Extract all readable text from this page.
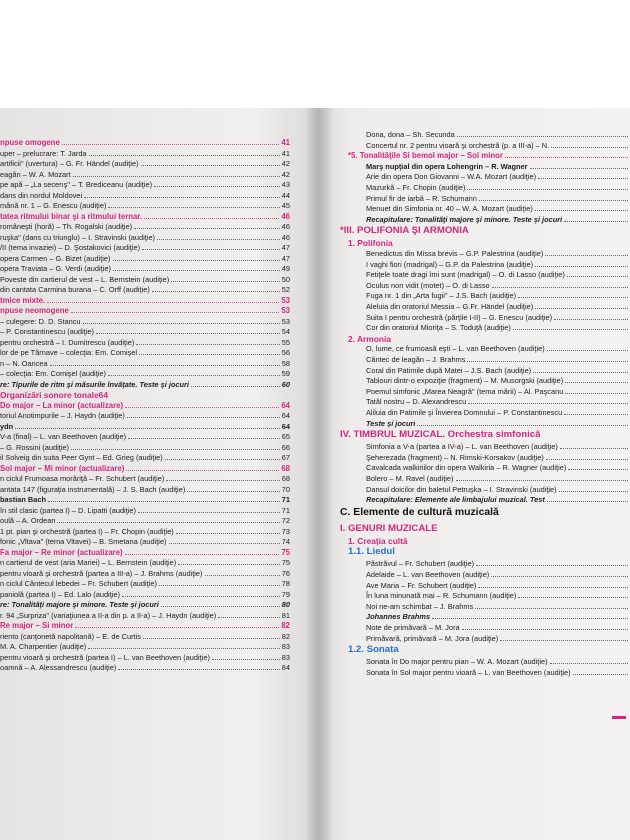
npuse omogene	41
uper – prelucrare: T. Jarda	41
artificii" (uvertura) – G. Fr. Händel (audiţie)	42
eagăn – W. A. Mozart	42
pe apă – „La secerış" – T. Brediceanu (audiţie)	43
dans din nordul Moldovei	44
mână nr. 1 – G. Enescu (audiţie)	45
tatea ritmului binar şi a ritmului ternar.	46
româneşti (horă) – Th. Rogalski (audiţie)	46
ruşka" (dans cu triunglu) – I. Stravinski (audiţie)	46
/II (tema invaziei) – D. Şostakovici (audiţie)	47
opera Carmen – G. Bizet (audiţie)	47
opera Traviata – G. Verdi (audiţie)	49
Poveste din cartierul de vest – L. Bernstein (audiţie)	50
din cantata Carmina burana – C. Orff (audiţie)	52
tmice mixte.	53
npuse neomogene	53
– culegere: D. D. Stancu	53
– P. Constantinescu (audiţie)	54
pentru orchestră – I. Dumitrescu (audiţie)	55
lor de pe Târnave – colecţia: Em. Comişel	56
n – N. Oancea	58
– colecţia: Em. Comişel (audiţie)	59
re: Tipurile de ritm şi măsurile învăţate. Teste şi jocuri	60
Organizări sonore tonale 64
Do major – La minor (actualizare)	64
toriul Anotimpurile – J. Haydn (audiţie)	64
ydn	64
V-a (final) – L. van Beethoven (audiţie)	65
– G. Rossini (audiţie)	66
il Solveig din suita Peer Gynt – Ed. Grieg (audiţie)	67
Sol major – Mi minor (actualizare)	68
n ciclul Frumoasa morăriţă – Fr. Schubert (audiţie)	68
antata 147 (figuraţia instrumentală) – J. S. Bach (audiţie)	70
bastian Bach	71
în stil clasic (partea I) – D. Lipatti (audiţie)	71
oulă – A. Ordean	72
1 pt. pian şi orchestră (partea I) – Fr. Chopin (audiţie)	73
fonic „Vltava" (tema Vltavei) – B. Smetana (audiţie)	74
Fa major – Re minor (actualizare)	75
n cartierul de vest (aria Mariei) – L. Bernstein (audiţie)	75
pentru vioară şi orchestră (partea a III-a) – J. Brahms (audiţie)	76
n ciclul Cântecul lebedei – Fr. Schubert (audiţie)	78
paniolă (partea I) – Ed. Lalo (audiţie)	79
re: Tonalităţi majore şi minore. Teste şi jocuri	80
r. 94 „Surpriza" (variaţiunea a II-a din p. a II-a) – J. Haydn (audiţie)	81
Re major – Si minor	82
riento (canţonetă napolitană) – E. de Curtis	82
M. A. Charpentier (audiţie)	83
pentru vioară şi orchestră (partea I) – L. van Beethoven (audiţie)	83
oamnă – A. Alessandrescu (audiţie)	84
Dona, dona – Sh. Secunda
Concertul nr. 2 pentru vioară şi orchestră (p. a III-a) – N.
*5. Tonalităţile Si bemol major – Sol minor
Marş nupţial din opera Lohengrin – R. Wagner
Arie din opera Don Giovanni – W.A. Mozart (audiţie)
Mazurkă – Fr. Chopin (audiţie)
Primul fir de iarbă – R. Schumann
Menuet din Simfonia nr. 40 – W. A. Mozart (audiţie)
Recapitulare: Tonalităţi majore şi minore. Teste şi jocuri
*III. POLIFONIA ŞI ARMONIA
1. Polifonia
Benedictus din Missa brevis – G.P. Palestrina (audiţie)
I vaghi fiori (madrigal) – G.P. da Palestrina (audiţie)
Fetiţele toate dragi îmi sunt (madrigal) – O. di Lasso (audiţie)
Oculus non vidit (motet) – O. di Lasso
Fuga nr. 1 din „Arta fugii" – J.S. Bach (audiţie)
Aleluia din oratoriul Messia – G.Fr. Händel (audiţie)
Suita I pentru orchestră (părţile I-II) – G. Enescu (audiţie)
Cor din oratoriul Mioriţa – S. Toduţă (audiţie)
2. Armonia
O, lume, ce frumoasă eşti – L. van Beethoven (audiţie)
Cântec de leagăn – J. Brahms
Coral din Patimile după Matei – J.S. Bach (audiţie)
Tablouri dintr-o expoziţie (fragment) – M. Musorgski (audiţie)
Poemul simfonic „Marea Neagră" (tema mării) – Al. Paşcanu
Tatăl nostru – D. Alexandrescu
Aliluia din Patimile şi Învierea Domnului – P. Constantinescu
Teste şi jocuri
IV. TIMBRUL MUZICAL. Orchestra simfonică
Simfonia a V-a (partea a IV-a) – L. van Beethoven (audiţie)
Şeherezada (fragment) – N. Rimski-Korsakov (audiţie)
Cavalcada walkiriilor din opera Walkiria – R. Wagner (audiţie)
Bolero – M. Ravel (audiţie)
Dansul doicilor din baletul Petruşka – I. Stravinski (audiţie)
Recapitulare: Elemente ale limbajului muzical. Test
C. Elemente de cultură muzicală
I. GENURI MUZICALE
1. Creaţia cultă
1.1. Liedul
Păstrăvul – Fr. Schubert (audiţie)
Adelaide – L. van Beethoven (audiţie)
Ave Maria – Fr. Schubert (audiţie)
În luna minunată mai – R. Schumann (audiţie)
Noi ne-am schimbat – J. Brahms
Johannes Brahms
Note de primăvară – M. Jora
Primăvară, primăvară – M. Jora (audiţie)
1.2. Sonata
Sonata în Do major pentru pian – W. A. Mozart (audiţie)
Sonata în Sol major pentru vioară – L. van Beethoven (audiţie)
